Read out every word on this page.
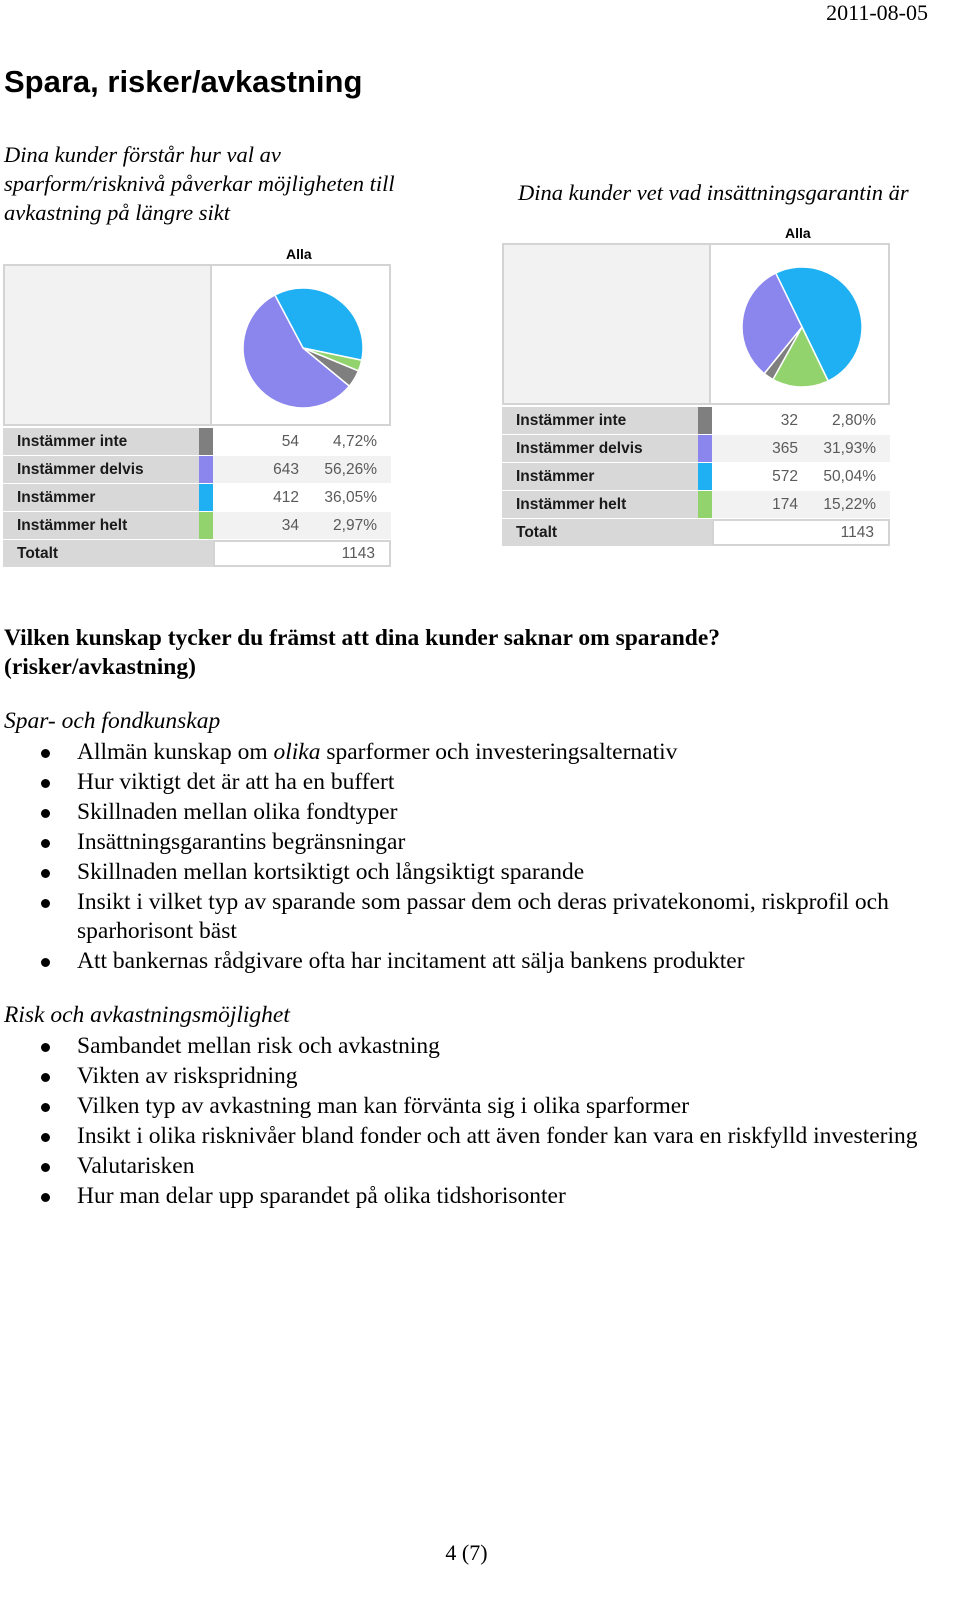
2011-08-05
Spara, risker/avkastning
Dina kunder förstår hur val av
sparform/risknivå påverkar möjligheten till
avkastning på längre sikt
Dina kunder vet vad insättningsgarantin är
Alla
Instämmer inte	54 4,72%
Instämmer delvis	643 56,26%
Instämmer	412 36,05%
Instämmer helt	34 2,97%
Totalt	1143
Alla
Instämmer inte	32 2,80%
Instämmer delvis	365 31,93%
Instämmer	572 50,04%
Instämmer helt	174 15,22%
Totalt	1143
Vilken kunskap tycker du främst att dina kunder saknar om sparande?
(risker/avkastning)
Spar- och fondkunskap
Allmän kunskap om olika sparformer och investeringsalternativ
Hur viktigt det är att ha en buffert
Skillnaden mellan olika fondtyper
Insättningsgarantins begränsningar
Skillnaden mellan kortsiktigt och långsiktigt sparande
Insikt i vilket typ av sparande som passar dem och deras privatekonomi, riskprofil och sparhorisont bäst
Att bankernas rådgivare ofta har incitament att sälja bankens produkter
Risk och avkastningsmöjlighet
Sambandet mellan risk och avkastning
Vikten av riskspridning
Vilken typ av avkastning man kan förvänta sig i olika sparformer
Insikt i olika risknivåer bland fonder och att även fonder kan vara en riskfylld investering
Valutarisken
Hur man delar upp sparandet på olika tidshorisonter
4 (7)
